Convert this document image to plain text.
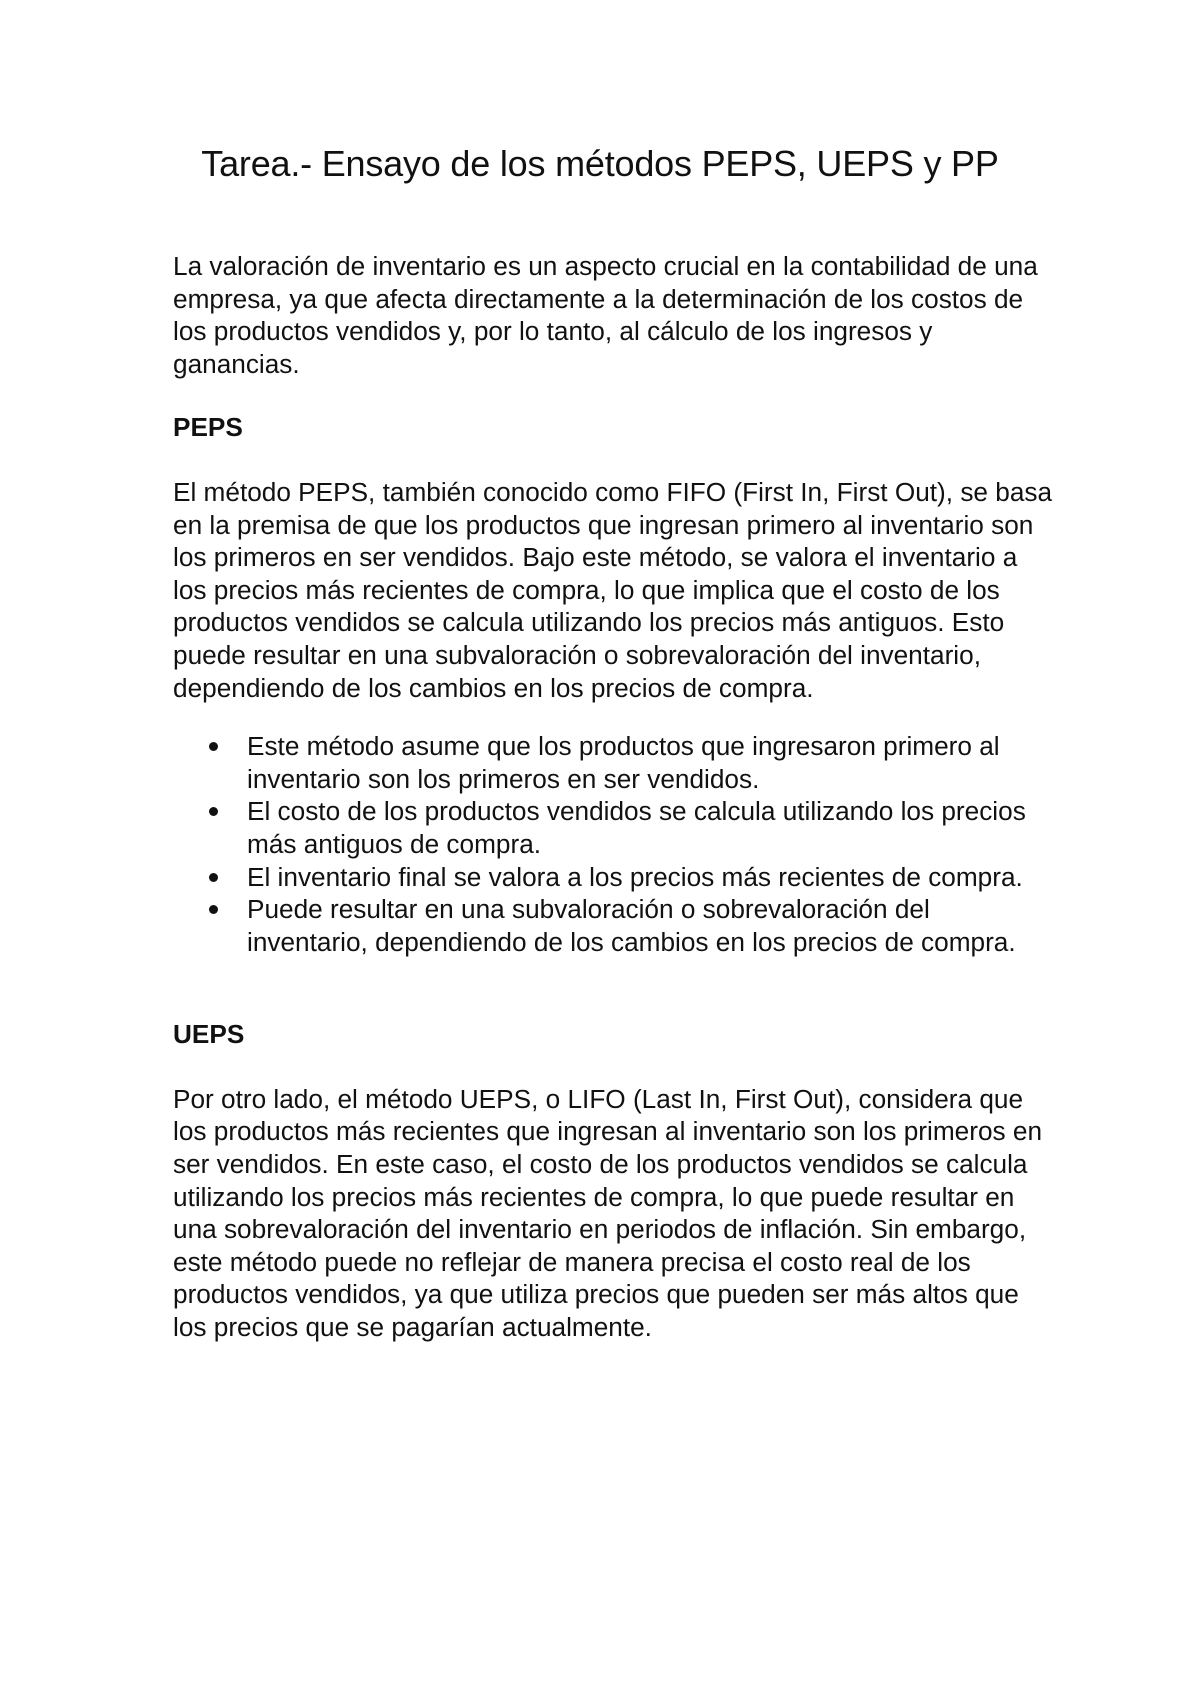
Tarea.- Ensayo de los métodos PEPS, UEPS y PP

La valoración de inventario es un aspecto crucial en la contabilidad de una empresa, ya que afecta directamente a la determinación de los costos de los productos vendidos y, por lo tanto, al cálculo de los ingresos y ganancias.

PEPS

El método PEPS, también conocido como FIFO (First In, First Out), se basa en la premisa de que los productos que ingresan primero al inventario son los primeros en ser vendidos. Bajo este método, se valora el inventario a los precios más recientes de compra, lo que implica que el costo de los productos vendidos se calcula utilizando los precios más antiguos. Esto puede resultar en una subvaloración o sobrevaloración del inventario, dependiendo de los cambios en los precios de compra.

Este método asume que los productos que ingresaron primero al inventario son los primeros en ser vendidos.
El costo de los productos vendidos se calcula utilizando los precios más antiguos de compra.
El inventario final se valora a los precios más recientes de compra.
Puede resultar en una subvaloración o sobrevaloración del inventario, dependiendo de los cambios en los precios de compra.

UEPS

Por otro lado, el método UEPS, o LIFO (Last In, First Out), considera que los productos más recientes que ingresan al inventario son los primeros en ser vendidos. En este caso, el costo de los productos vendidos se calcula utilizando los precios más recientes de compra, lo que puede resultar en una sobrevaloración del inventario en periodos de inflación. Sin embargo, este método puede no reflejar de manera precisa el costo real de los productos vendidos, ya que utiliza precios que pueden ser más altos que los precios que se pagarían actualmente.
